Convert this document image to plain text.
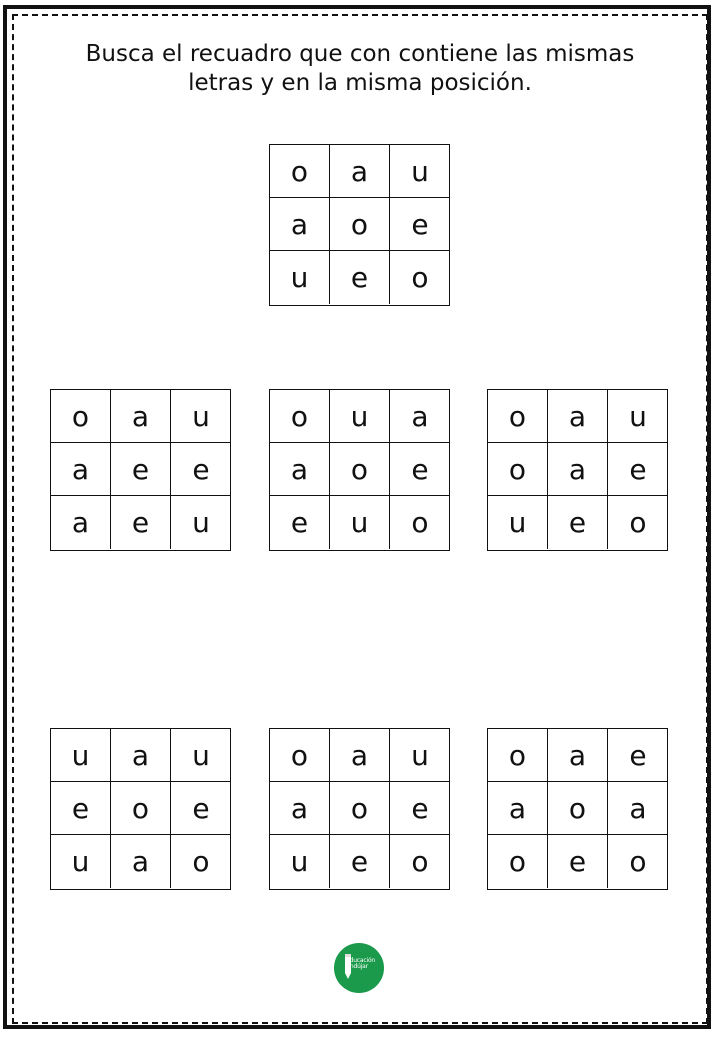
Busca el recuadro que con contiene las mismas
letras y en la misma posición.
o	a	u
a	o	e
u	e	o
o	a	u
a	e	e
a	e	u
o	u	a
a	o	e
e	u	o
o	a	u
o	a	e
u	e	o
u	a	u
e	o	e
u	a	o
o	a	u
a	o	e
u	e	o
o	a	e
a	o	a
o	e	o
Educación Andújar
